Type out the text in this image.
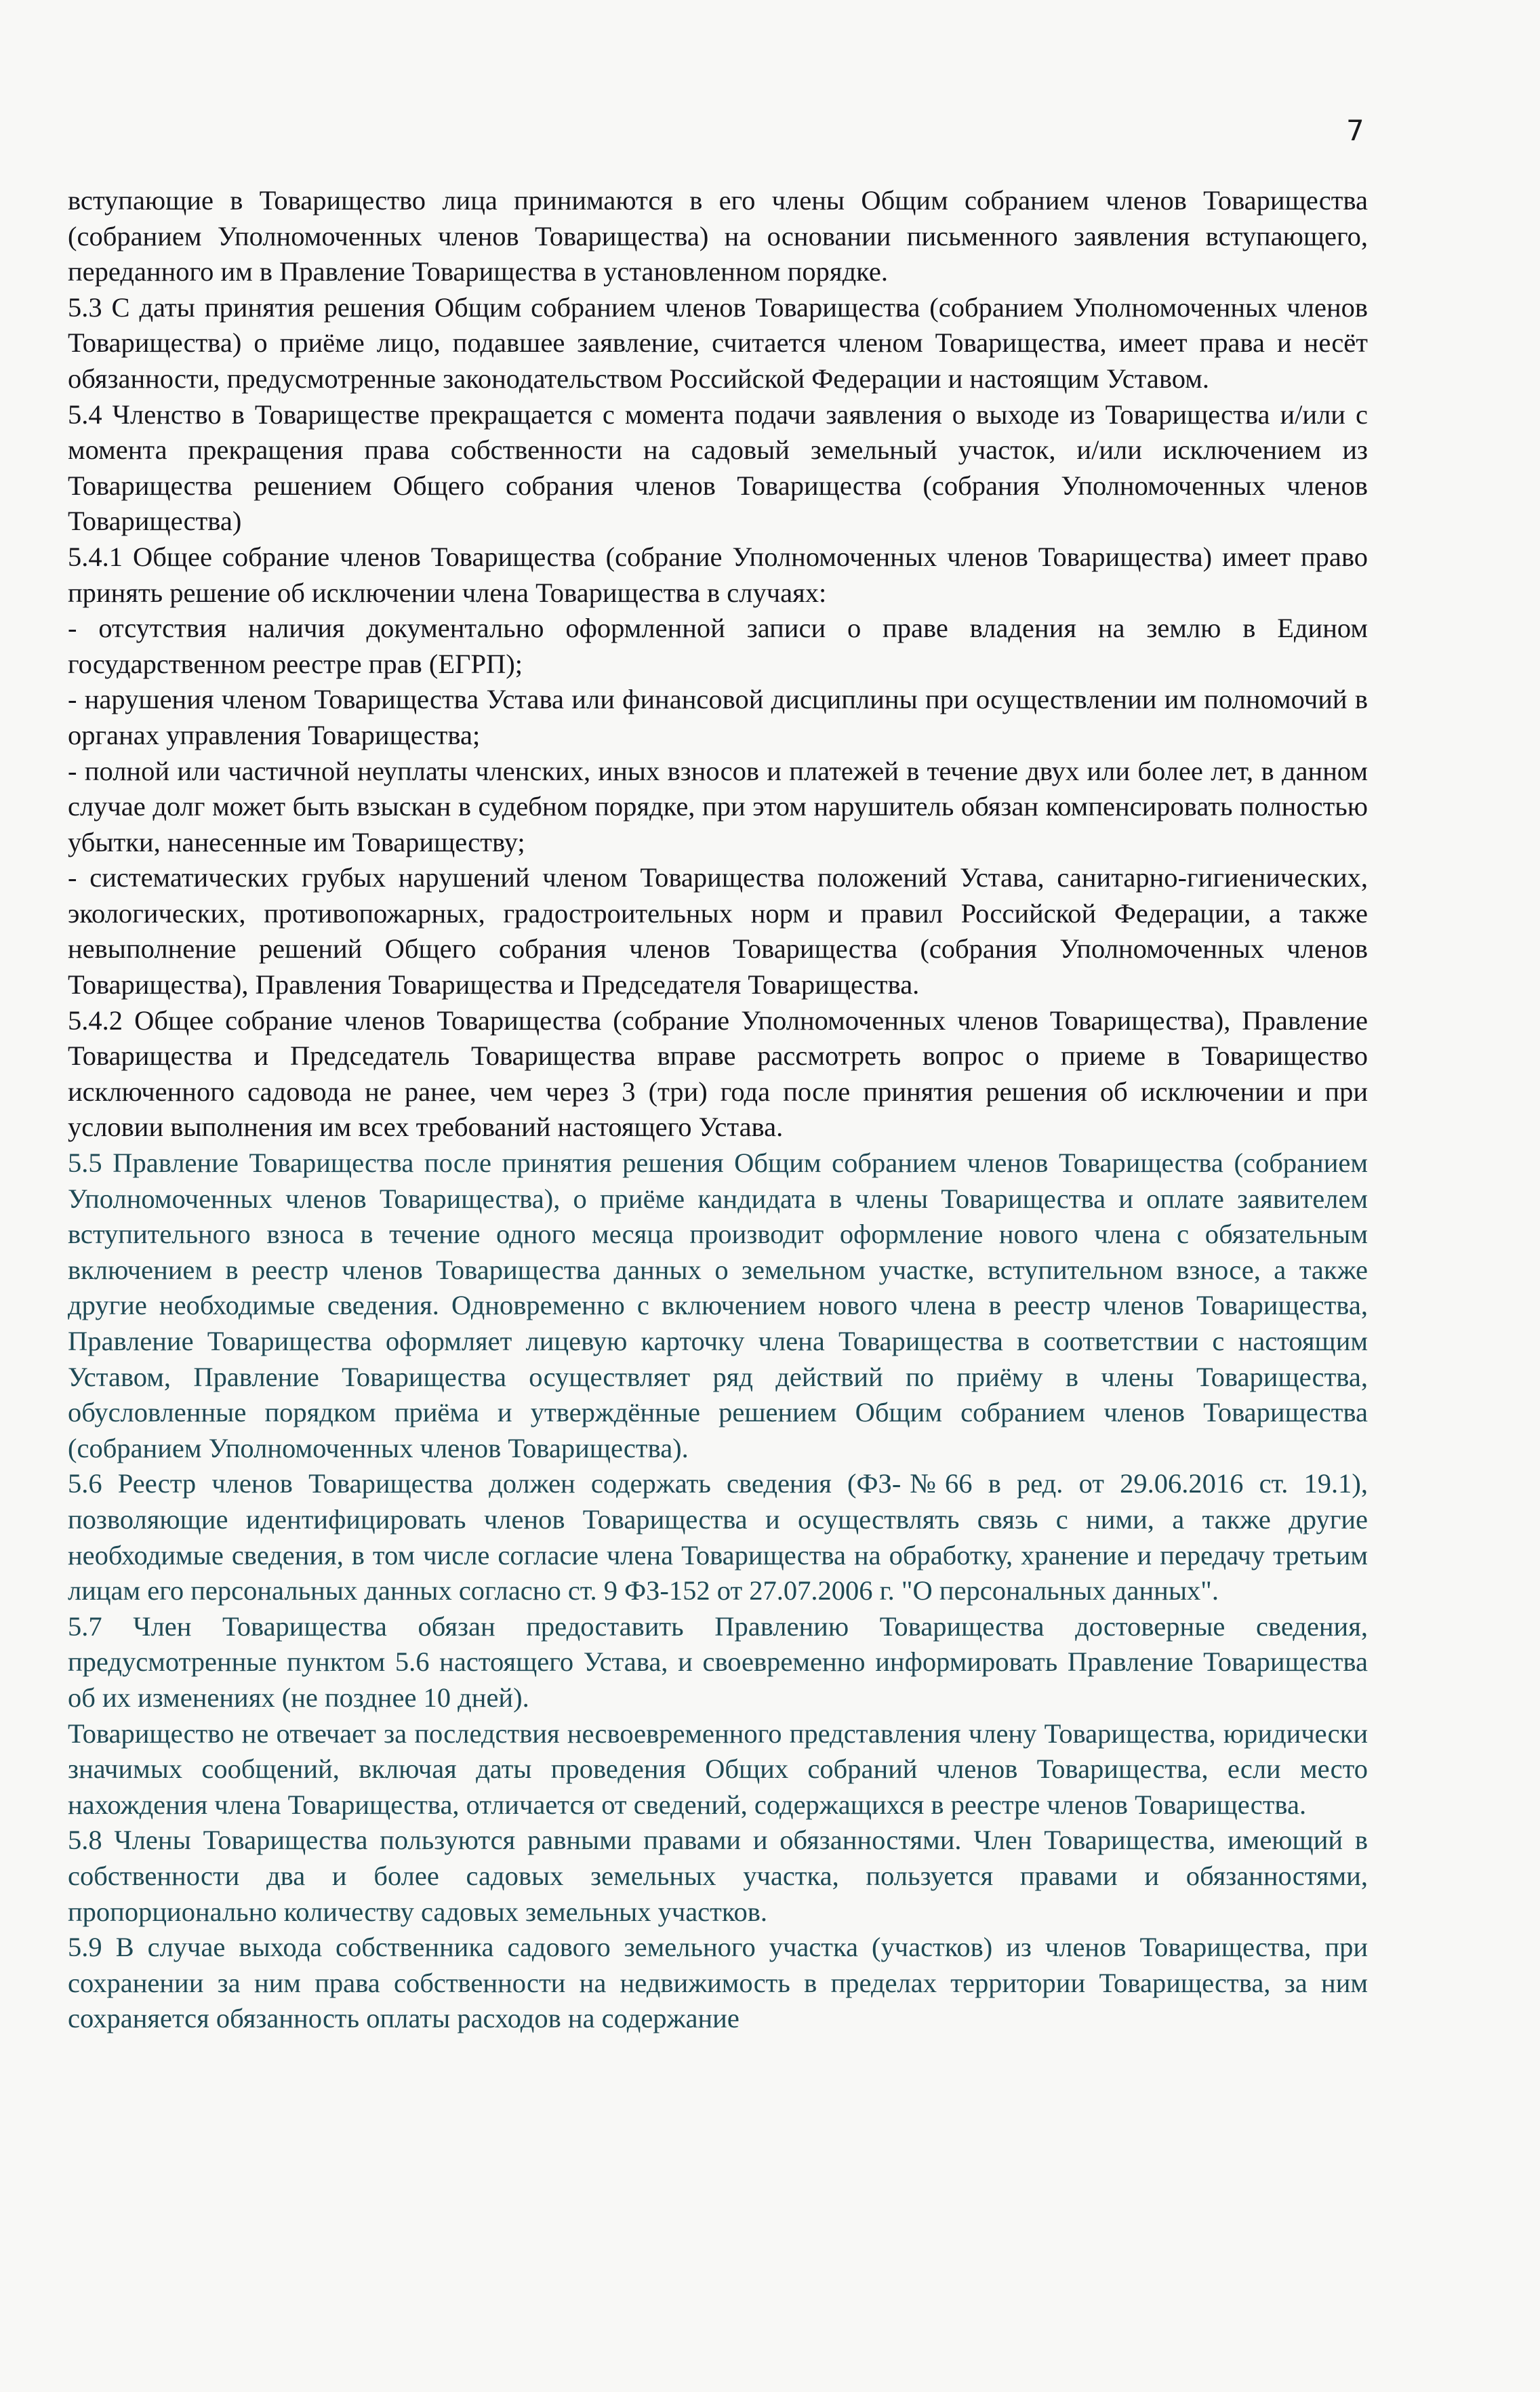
7

вступающие в Товарищество лица принимаются в его члены Общим собранием членов Товарищества (собранием Уполномоченных членов Товарищества) на основании письменного заявления вступающего, переданного им в Правление Товарищества в установленном порядке.

5.3 С даты принятия решения Общим собранием членов Товарищества (собранием Уполномоченных членов Товарищества) о приёме лицо, подавшее заявление, считается членом Товарищества, имеет права и несёт обязанности, предусмотренные законодательством Российской Федерации и настоящим Уставом.

5.4 Членство в Товариществе прекращается с момента подачи заявления о выходе из Товарищества и/или с момента прекращения права собственности на садовый земельный участок, и/или исключением из Товарищества решением Общего собрания членов Товарищества (собрания Уполномоченных членов Товарищества)

5.4.1 Общее собрание членов Товарищества (собрание Уполномоченных членов Товарищества) имеет право принять решение об исключении члена Товарищества в случаях:

- отсутствия наличия документально оформленной записи о праве владения на землю в Едином государственном реестре прав (ЕГРП);

- нарушения членом Товарищества Устава или финансовой дисциплины при осуществлении им полномочий в органах управления Товарищества;

- полной или частичной неуплаты членских, иных взносов и платежей в течение двух или более лет, в данном случае долг может быть взыскан в судебном порядке, при этом нарушитель обязан компенсировать полностью убытки, нанесенные им Товариществу;

- систематических грубых нарушений членом Товарищества положений Устава, санитарно-гигиенических, экологических, противопожарных, градостроительных норм и правил Российской Федерации, а также невыполнение решений Общего собрания членов Товарищества (собрания Уполномоченных членов Товарищества), Правления Товарищества и Председателя Товарищества.

5.4.2 Общее собрание членов Товарищества (собрание Уполномоченных членов Товарищества), Правление Товарищества и Председатель Товарищества вправе рассмотреть вопрос о приеме в Товарищество исключенного садовода не ранее, чем через 3 (три) года после принятия решения об исключении и при условии выполнения им всех требований настоящего Устава.

5.5 Правление Товарищества после принятия решения Общим собранием членов Товарищества (собранием Уполномоченных членов Товарищества), о приёме кандидата в члены Товарищества и оплате заявителем вступительного взноса в течение одного месяца производит оформление нового члена с обязательным включением в реестр членов Товарищества данных о земельном участке, вступительном взносе, а также другие необходимые сведения. Одновременно с включением нового члена в реестр членов Товарищества, Правление Товарищества оформляет лицевую карточку члена Товарищества в соответствии с настоящим Уставом, Правление Товарищества осуществляет ряд действий по приёму в члены Товарищества, обусловленные порядком приёма и утверждённые решением Общим собранием членов Товарищества (собранием Уполномоченных членов Товарищества).

5.6 Реестр членов Товарищества должен содержать сведения (ФЗ-№66 в ред. от 29.06.2016 ст. 19.1), позволяющие идентифицировать членов Товарищества и осуществлять связь с ними, а также другие необходимые сведения, в том числе согласие члена Товарищества на обработку, хранение и передачу третьим лицам его персональных данных согласно ст. 9 ФЗ-152 от 27.07.2006 г. "О персональных данных".

5.7 Член Товарищества обязан предоставить Правлению Товарищества достоверные сведения, предусмотренные пунктом 5.6 настоящего Устава, и своевременно информировать Правление Товарищества об их изменениях (не позднее 10 дней).

Товарищество не отвечает за последствия несвоевременного представления члену Товарищества, юридически значимых сообщений, включая даты проведения Общих собраний членов Товарищества, если место нахождения члена Товарищества, отличается от сведений, содержащихся в реестре членов Товарищества.

5.8 Члены Товарищества пользуются равными правами и обязанностями. Член Товарищества, имеющий в собственности два и более садовых земельных участка, пользуется правами и обязанностями, пропорционально количеству садовых земельных участков.

5.9 В случае выхода собственника садового земельного участка (участков) из членов Товарищества, при сохранении за ним права собственности на недвижимость в пределах территории Товарищества, за ним сохраняется обязанность оплаты расходов на содержание
